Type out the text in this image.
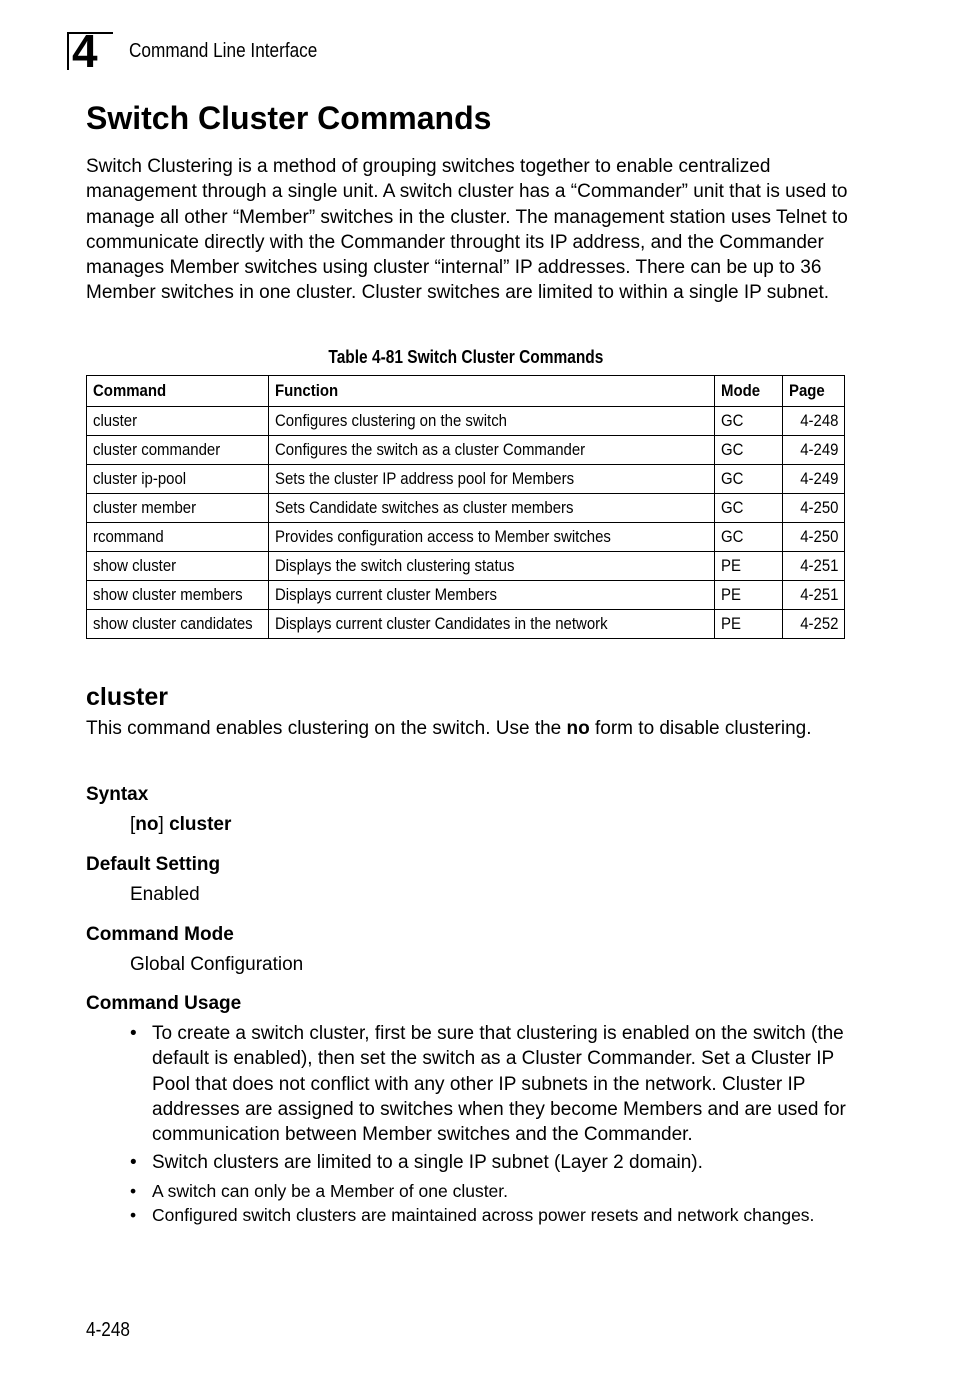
4 Command Line Interface
Switch Cluster Commands
Switch Clustering is a method of grouping switches together to enable centralized management through a single unit. A switch cluster has a “Commander” unit that is used to manage all other “Member” switches in the cluster. The management station uses Telnet to communicate directly with the Commander throught its IP address, and the Commander manages Member switches using cluster “internal” IP addresses. There can be up to 36 Member switches in one cluster. Cluster switches are limited to within a single IP subnet.
Table 4-81 Switch Cluster Commands
Command	Function	Mode	Page
cluster	Configures clustering on the switch	GC	4-248
cluster commander	Configures the switch as a cluster Commander	GC	4-249
cluster ip-pool	Sets the cluster IP address pool for Members	GC	4-249
cluster member	Sets Candidate switches as cluster members	GC	4-250
rcommand	Provides configuration access to Member switches	GC	4-250
show cluster	Displays the switch clustering status	PE	4-251
show cluster members	Displays current cluster Members	PE	4-251
show cluster candidates	Displays current cluster Candidates in the network	PE	4-252
cluster
This command enables clustering on the switch. Use the no form to disable clustering.
Syntax
[no] cluster
Default Setting
Enabled
Command Mode
Global Configuration
Command Usage
• To create a switch cluster, first be sure that clustering is enabled on the switch (the default is enabled), then set the switch as a Cluster Commander. Set a Cluster IP Pool that does not conflict with any other IP subnets in the network. Cluster IP addresses are assigned to switches when they become Members and are used for communication between Member switches and the Commander.
• Switch clusters are limited to a single IP subnet (Layer 2 domain).
• A switch can only be a Member of one cluster.
• Configured switch clusters are maintained across power resets and network changes.
4-248
